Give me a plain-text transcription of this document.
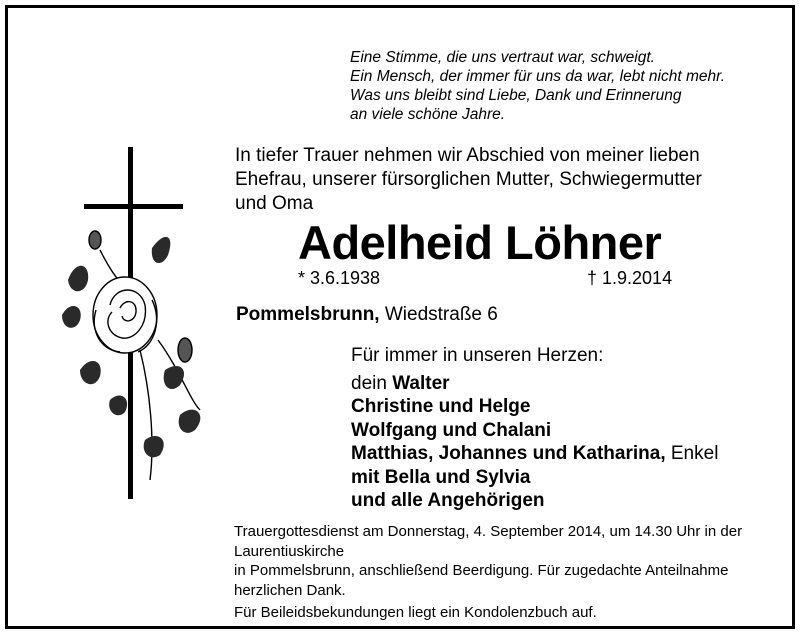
Eine Stimme, die uns vertraut war, schweigt.
Ein Mensch, der immer für uns da war, lebt nicht mehr.
Was uns bleibt sind Liebe, Dank und Erinnerung
an viele schöne Jahre.
In tiefer Trauer nehmen wir Abschied von meiner lieben
Ehefrau, unserer fürsorglichen Mutter, Schwiegermutter
und Oma
Adelheid Löhner
* 3.6.1938	† 1.9.2014
Pommelsbrunn, Wiedstraße 6
Für immer in unseren Herzen:
dein Walter
Christine und Helge
Wolfgang und Chalani
Matthias, Johannes und Katharina, Enkel
mit Bella und Sylvia
und alle Angehörigen

Trauergottesdienst am Donnerstag, 4. September 2014, um 14.30 Uhr in der Laurentiuskirche

in Pommelsbrunn, anschließend Beerdigung. Für zugedachte Anteilnahme herzlichen Dank.

Für Beileidsbekundungen liegt ein Kondolenzbuch auf.
